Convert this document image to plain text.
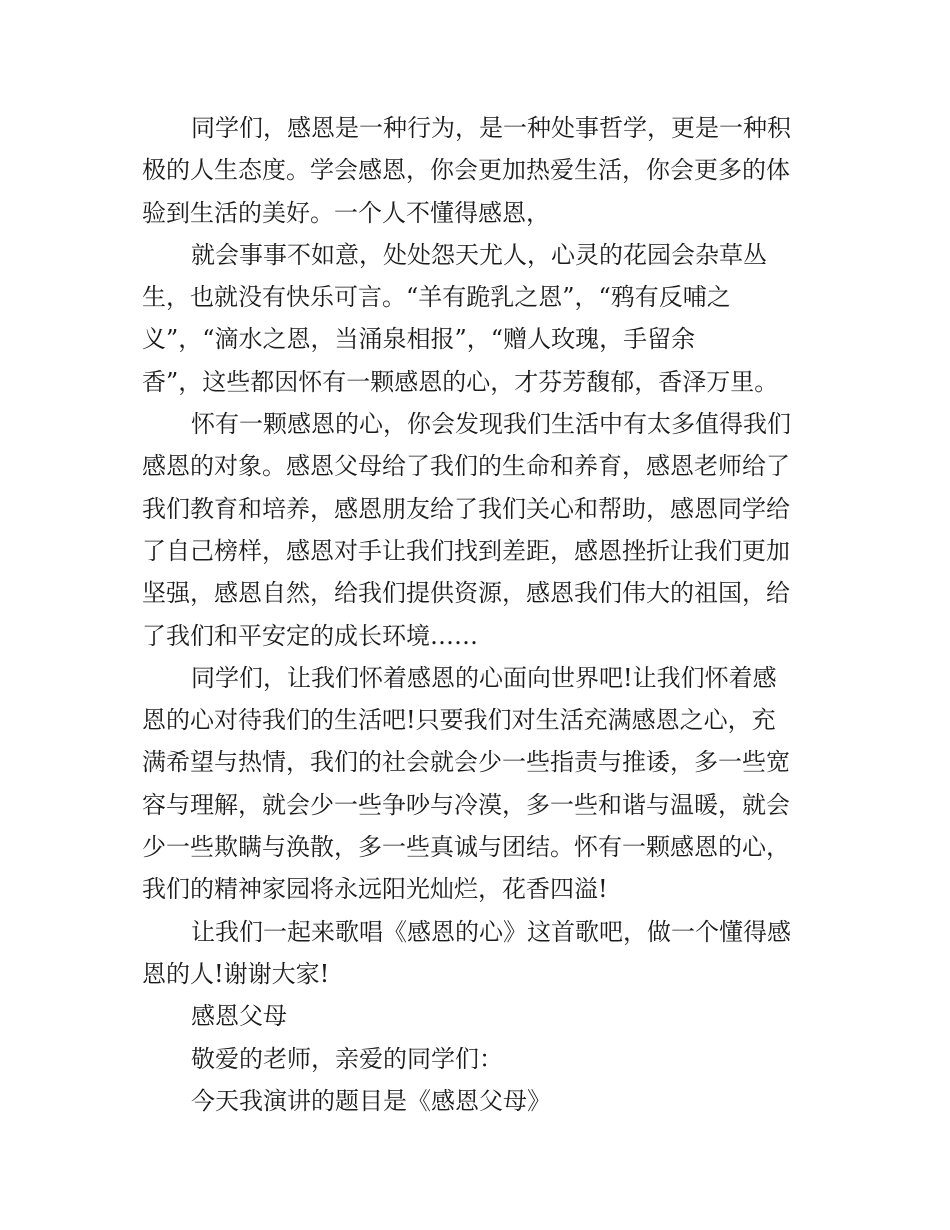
同学们，感恩是一种行为，是一种处事哲学，更是一种积
极的人生态度。学会感恩，你会更加热爱生活，你会更多的体
验到生活的美好。一个人不懂得感恩，
就会事事不如意，处处怨天尤人，心灵的花园会杂草丛
生，也就没有快乐可言。“羊有跪乳之恩”，“鸦有反哺之
义”，“滴水之恩，当涌泉相报”，“赠人玫瑰，手留余
香”，这些都因怀有一颗感恩的心，才芬芳馥郁，香泽万里。
怀有一颗感恩的心，你会发现我们生活中有太多值得我们
感恩的对象。感恩父母给了我们的生命和养育，感恩老师给了
我们教育和培养，感恩朋友给了我们关心和帮助，感恩同学给
了自己榜样，感恩对手让我们找到差距，感恩挫折让我们更加
坚强，感恩自然，给我们提供资源，感恩我们伟大的祖国，给
了我们和平安定的成长环境……
同学们，让我们怀着感恩的心面向世界吧!让我们怀着感
恩的心对待我们的生活吧!只要我们对生活充满感恩之心，充
满希望与热情，我们的社会就会少一些指责与推诿，多一些宽
容与理解，就会少一些争吵与冷漠，多一些和谐与温暖，就会
少一些欺瞒与涣散，多一些真诚与团结。怀有一颗感恩的心，
我们的精神家园将永远阳光灿烂，花香四溢!
让我们一起来歌唱《感恩的心》这首歌吧，做一个懂得感
恩的人!谢谢大家!
感恩父母
敬爱的老师，亲爱的同学们：
今天我演讲的题目是《感恩父母》
